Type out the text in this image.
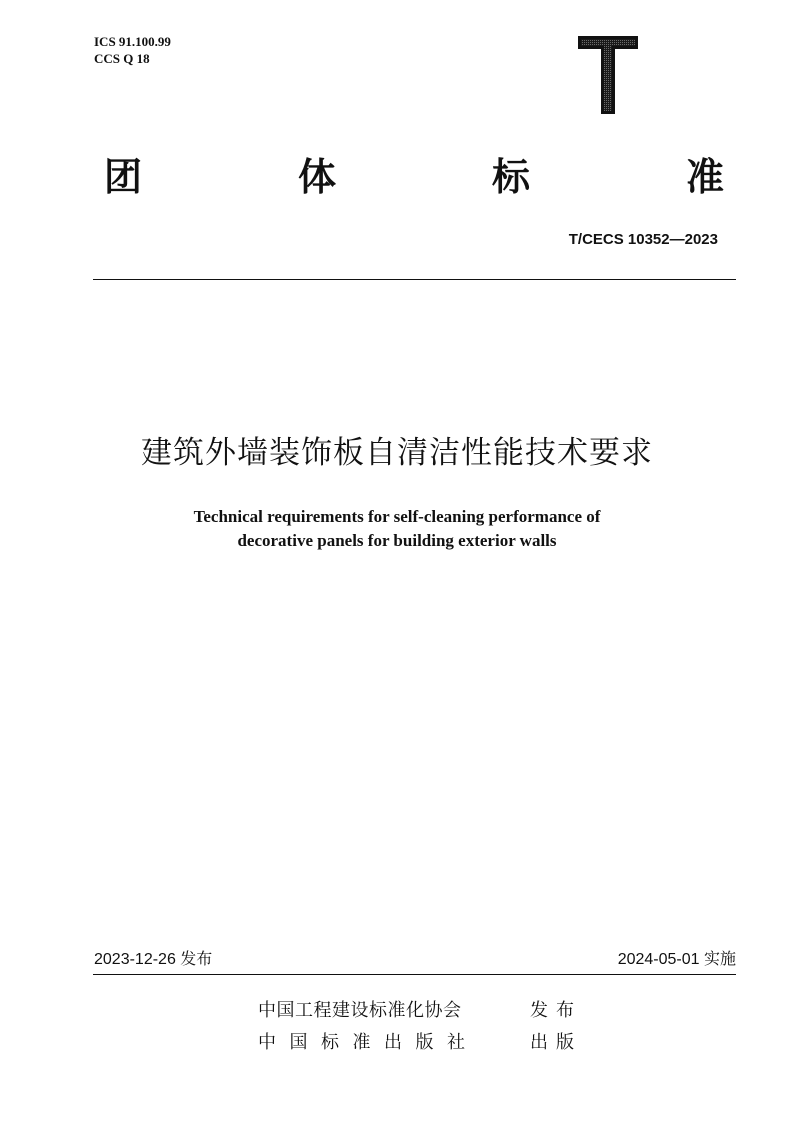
ICS 91.100.99
CCS Q 18
团	体	标	准
T/CECS 10352—2023
建筑外墙装饰板自清洁性能技术要求
Technical requirements for self-cleaning performance of
decorative panels for building exterior walls
2023-12-26 发布	2024-05-01 实施
中国工程建设标准化协会	发布
中国标准出版社	出版
